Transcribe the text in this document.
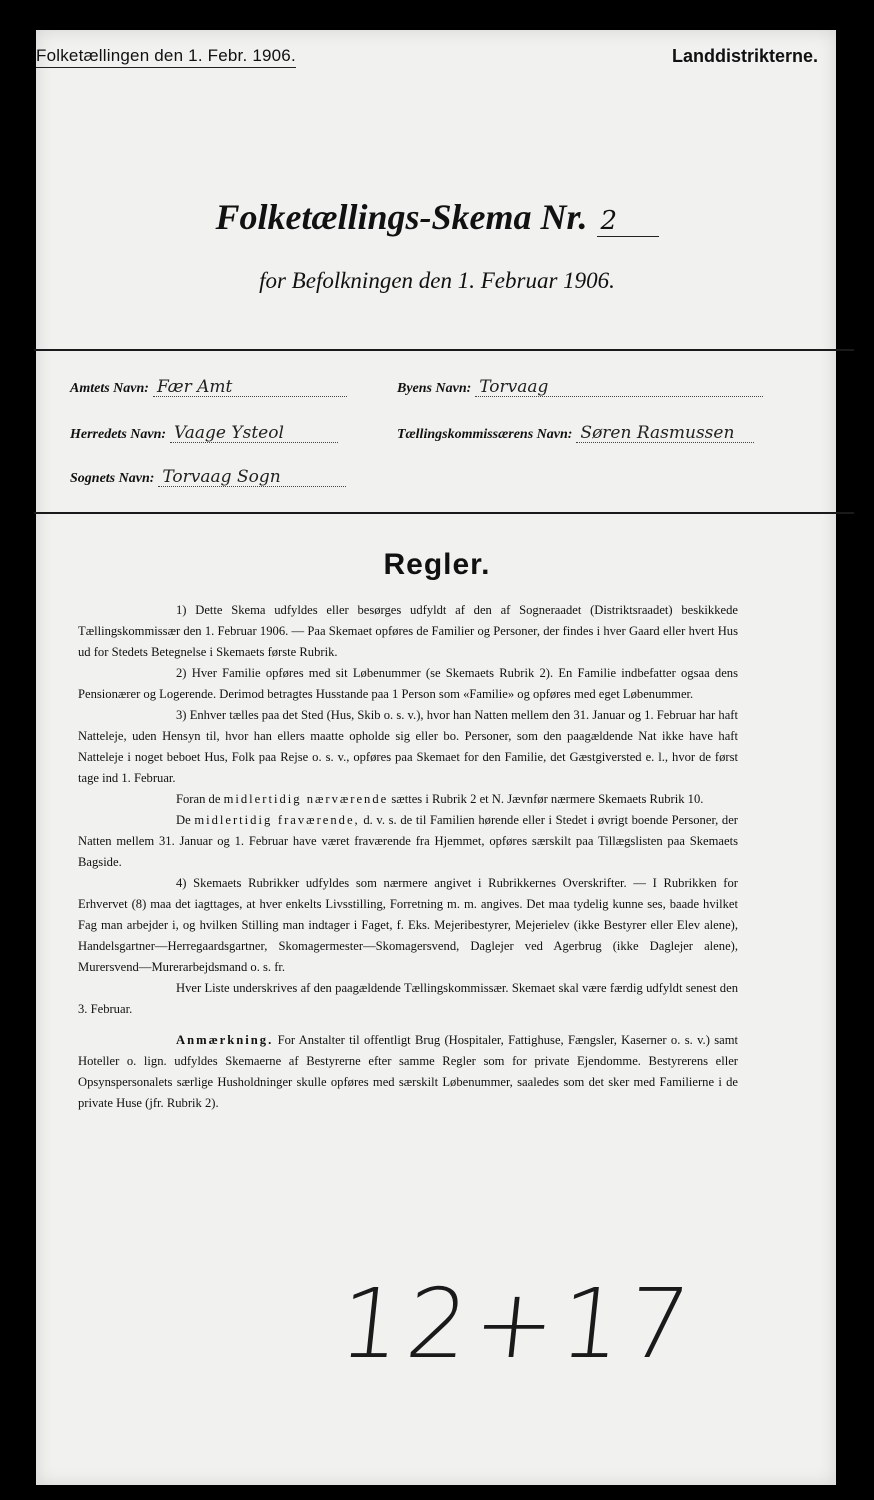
Folketællingen den 1. Febr. 1906.	Landdistrikterne.
Folketællings-Skema Nr. 2
for Befolkningen den 1. Februar 1906.
Amtets Navn: Fær Amt	Byens Navn: Torvaag
Herredets Navn: Vaage Ysteol	Tællingskommissærens Navn: Søren Rasmussen
Sognets Navn: Torvaag Sogn
Regler.

1) Dette Skema udfyldes eller besørges udfyldt af den af Sogneraadet (Distriktsraadet) beskikkede Tællingskommissær den 1. Februar 1906. — Paa Skemaet opføres de Familier og Personer, der findes i hver Gaard eller hvert Hus ud for Stedets Betegnelse i Skemaets første Rubrik.

2) Hver Familie opføres med sit Løbenummer (se Skemaets Rubrik 2). En Familie indbefatter ogsaa dens Pensionærer og Logerende. Derimod betragtes Husstande paa 1 Person som «Familie» og opføres med eget Løbenummer.

3) Enhver tælles paa det Sted (Hus, Skib o. s. v.), hvor han Natten mellem den 31. Januar og 1. Februar har haft Natteleje, uden Hensyn til, hvor han ellers maatte opholde sig eller bo. Personer, som den paagældende Nat ikke have haft Natteleje i noget beboet Hus, Folk paa Rejse o. s. v., opføres paa Skemaet for den Familie, det Gæstgiversted e. l., hvor de først tage ind 1. Februar.

Foran de midlertidig nærværende sættes i Rubrik 2 et N. Jævnfør nærmere Skemaets Rubrik 10.

De midlertidig fraværende, d. v. s. de til Familien hørende eller i Stedet i øvrigt boende Personer, der Natten mellem 31. Januar og 1. Februar have været fraværende fra Hjemmet, opføres særskilt paa Tillægslisten paa Skemaets Bagside.

4) Skemaets Rubrikker udfyldes som nærmere angivet i Rubrikkernes Overskrifter. — I Rubrikken for Erhvervet (8) maa det iagttages, at hver enkelts Livsstilling, Forretning m. m. angives. Det maa tydelig kunne ses, baade hvilket Fag man arbejder i, og hvilken Stilling man indtager i Faget, f. Eks. Mejeribestyrer, Mejerielev (ikke Bestyrer eller Elev alene), Handelsgartner—Herregaardsgartner, Skomagermester—Skomagersvend, Daglejer ved Agerbrug (ikke Daglejer alene), Murersvend—Murerarbejdsmand o. s. fr.

Hver Liste underskrives af den paagældende Tællingskommissær. Skemaet skal være færdig udfyldt senest den 3. Februar.

Anmærkning. For Anstalter til offentligt Brug (Hospitaler, Fattighuse, Fængsler, Kaserner o. s. v.) samt Hoteller o. lign. udfyldes Skemaerne af Bestyrerne efter samme Regler som for private Ejendomme. Bestyrerens eller Opsynspersonalets særlige Husholdninger skulle opføres med særskilt Løbenummer, saaledes som det sker med Familierne i de private Huse (jfr. Rubrik 2).

12+17
